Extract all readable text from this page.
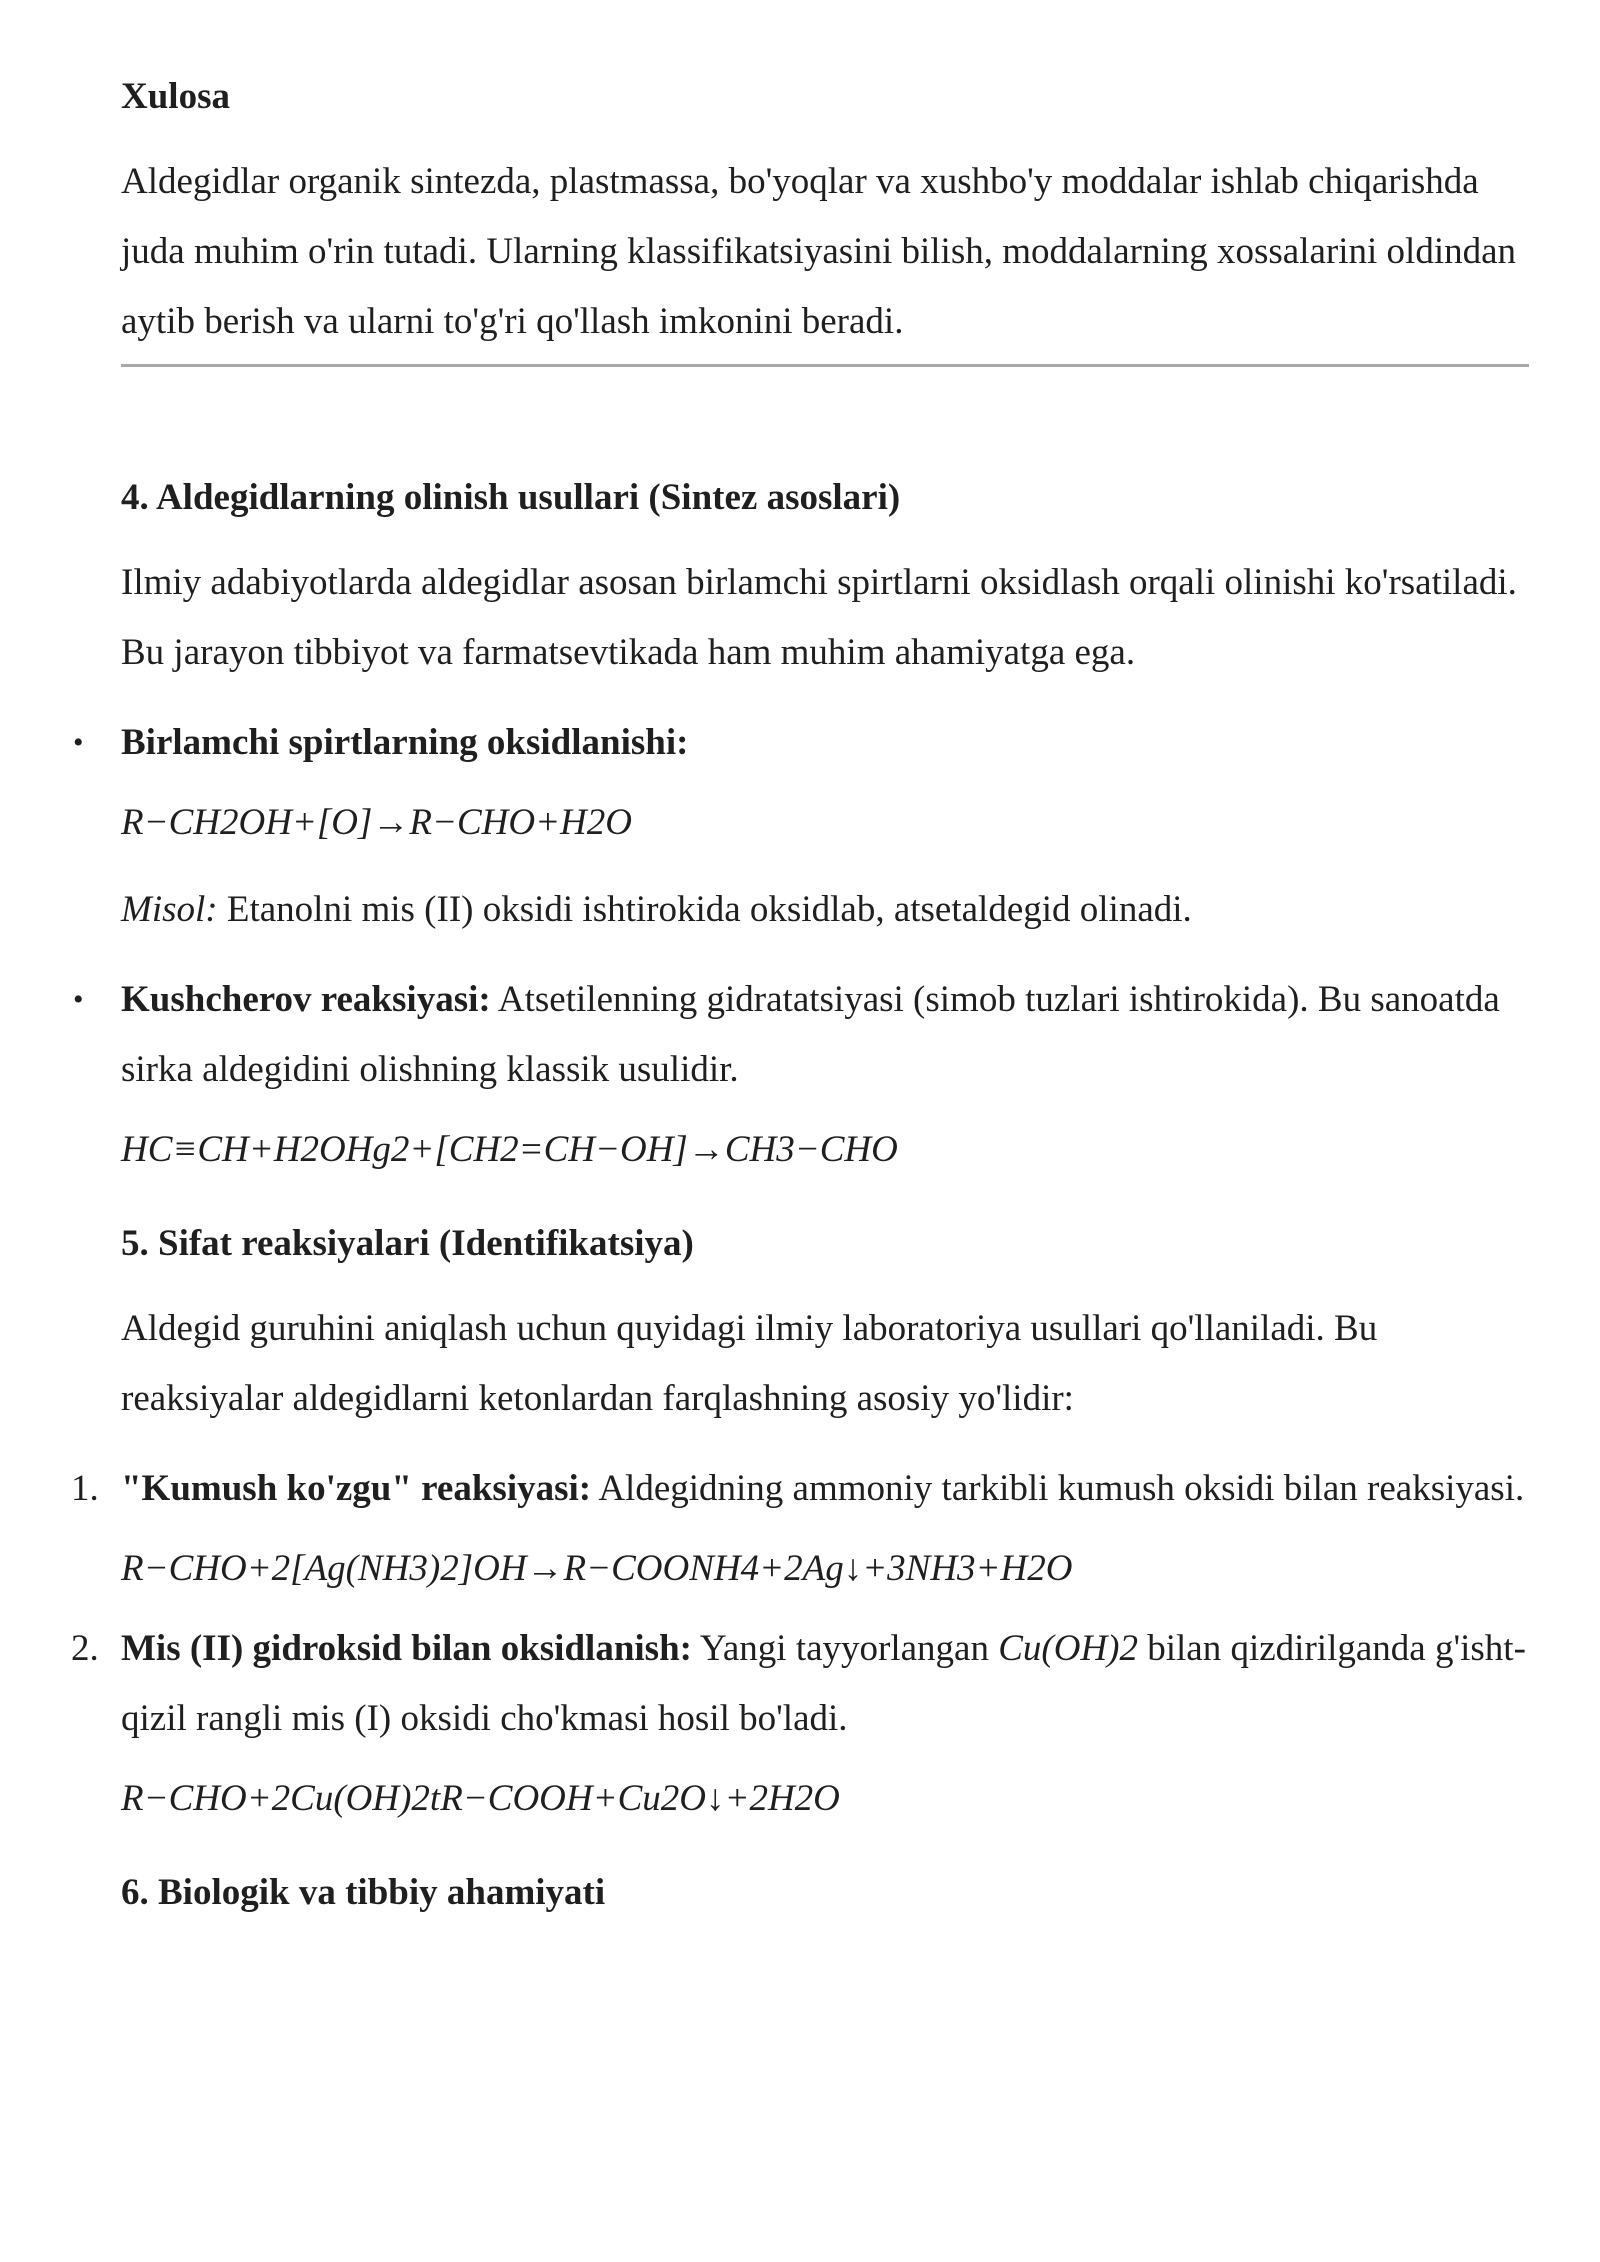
Xulosa

Aldegidlar organik sintezda, plastmassa, bo'yoqlar va xushbo'y moddalar ishlab chiqarishda juda muhim o'rin tutadi. Ularning klassifikatsiyasini bilish, moddalarning xossalarini oldindan aytib berish va ularni to'g'ri qo'llash imkonini beradi.

4. Aldegidlarning olinish usullari (Sintez asoslari)

Ilmiy adabiyotlarda aldegidlar asosan birlamchi spirtlarni oksidlash orqali olinishi ko'rsatiladi. Bu jarayon tibbiyot va farmatsevtikada ham muhim ahamiyatga ega.

• Birlamchi spirtlarning oksidlanishi:

R−CH2OH+[O]→R−CHO+H2O

Misol: Etanolni mis (II) oksidi ishtirokida oksidlab, atsetaldegid olinadi.

• Kushcherov reaksiyasi: Atsetilenning gidratatsiyasi (simob tuzlari ishtirokida). Bu sanoatda sirka aldegidini olishning klassik usulidir.

HC≡CH+H2OHg2+[CH2=CH−OH]→CH3−CHO

5. Sifat reaksiyalari (Identifikatsiya)

Aldegid guruhini aniqlash uchun quyidagi ilmiy laboratoriya usullari qo'llaniladi. Bu reaksiyalar aldegidlarni ketonlardan farqlashning asosiy yo'lidir:

1. "Kumush ko'zgu" reaksiyasi: Aldegidning ammoniy tarkibli kumush oksidi bilan reaksiyasi.

R−CHO+2[Ag(NH3)2]OH→R−COONH4+2Ag↓+3NH3+H2O

2. Mis (II) gidroksid bilan oksidlanish: Yangi tayyorlangan Cu(OH)2 bilan qizdirilganda g'isht-qizil rangli mis (I) oksidi cho'kmasi hosil bo'ladi.

R−CHO+2Cu(OH)2tR−COOH+Cu2O↓+2H2O

6. Biologik va tibbiy ahamiyati
